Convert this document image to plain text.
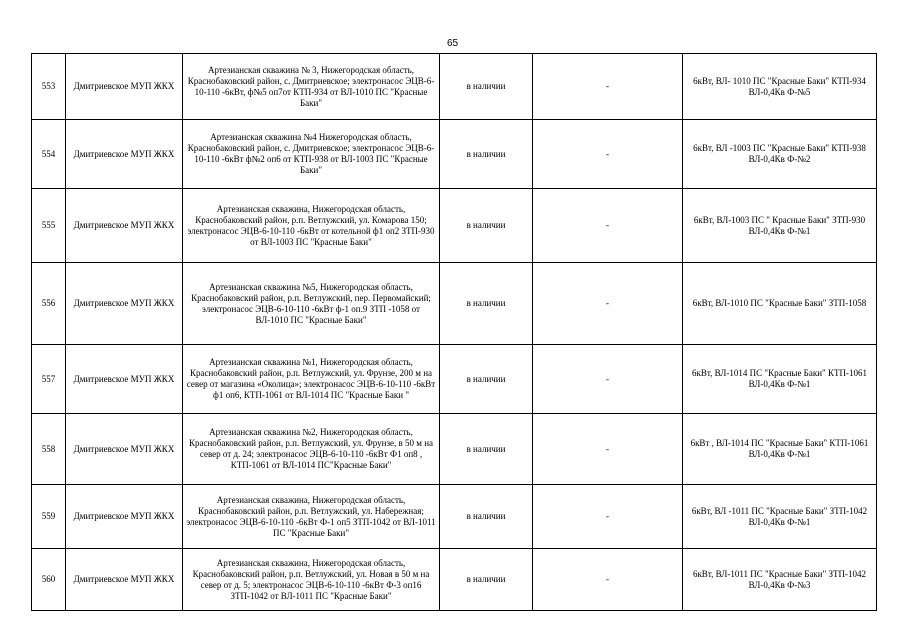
65
553	Дмитриевское МУП ЖКХ	Артезианская скважина № 3, Нижегородская область, Краснобаковский район, с. Дмитриевское; электронасос ЭЦВ-6-10-110 -6кВт, ф№5 оп7от КТП-934 от ВЛ-1010 ПС "Красные Баки"	в наличии	-	6кВт, ВЛ- 1010 ПС "Красные Баки" КТП-934 ВЛ-0,4Кв Ф-№5
554	Дмитриевское МУП ЖКХ	Артезианская скважина №4 Нижегородская область, Краснобаковский район, с. Дмитриевское; электронасос ЭЦВ-6-10-110 -6кВт ф№2 оп6 от КТП-938 от ВЛ-1003 ПС "Красные Баки"	в наличии	-	6кВт, ВЛ -1003 ПС "Красные Баки" КТП-938 ВЛ-0,4Кв Ф-№2
555	Дмитриевское МУП ЖКХ	Артезианская скважина, Нижегородская область, Краснобаковский район, р.п. Ветлужский, ул. Комарова 150; электронасос ЭЦВ-6-10-110 -6кВт от котельной ф1 оп2 ЗТП-930 от ВЛ-1003 ПС "Красные Баки"	в наличии	-	6кВт, ВЛ-1003 ПС " Красные Баки" ЗТП-930 ВЛ-0,4Кв Ф-№1
556	Дмитриевское МУП ЖКХ	Артезианская скважина №5, Нижегородская область, Краснобаковский район, р.п. Ветлужский, пер. Первомайский; электронасос ЭЦВ-6-10-110 -6кВт ф-1 оп.9 ЗТП -1058 от ВЛ-1010 ПС "Красные Баки"	в наличии	-	6кВт, ВЛ-1010 ПС "Красные Баки" ЗТП-1058
557	Дмитриевское МУП ЖКХ	Артезианская скважина №1, Нижегородская область, Краснобаковский район, р.п. Ветлужский, ул. Фрунзе, 200 м на север от магазина «Околица»; электронасос ЭЦВ-6-10-110 -6кВт ф1 оп6, КТП-1061 от ВЛ-1014 ПС "Красные Баки "	в наличии	-	6кВт, ВЛ-1014 ПС "Красные Баки" КТП-1061 ВЛ-0,4Кв Ф-№1
558	Дмитриевское МУП ЖКХ	Артезианская скважина №2, Нижегородская область, Краснобаковский район, р.п. Ветлужский, ул. Фрунзе, в 50 м на север от д. 24; электронасос ЭЦВ-6-10-110 -6кВт Ф1 оп8 , КТП-1061 от ВЛ-1014 ПС"Красные Баки"	в наличии	-	6кВт , ВЛ-1014 ПС "Красные Баки" КТП-1061 ВЛ-0,4Кв Ф-№1
559	Дмитриевское МУП ЖКХ	Артезианская скважина, Нижегородская область, Краснобаковский район, р.п. Ветлужский, ул. Набережная; электронасос ЭЦВ-6-10-110 -6кВт Ф-1 оп5 ЗТП-1042 от ВЛ-1011 ПС "Красные Баки"	в наличии	-	6кВт, ВЛ -1011 ПС "Красные Баки" ЗТП-1042 ВЛ-0,4Кв Ф-№1
560	Дмитриевское МУП ЖКХ	Артезианская скважина, Нижегородская область, Краснобаковский район, р.п. Ветлужский, ул. Новая в 50 м на север от д. 5; электронасос ЭЦВ-6-10-110 -6кВт Ф-3 оп16 ЗТП-1042 от ВЛ-1011 ПС "Красные Баки"	в наличии	-	6кВт, ВЛ-1011 ПС "Красные Баки" ЗТП-1042 ВЛ-0,4Кв Ф-№3
